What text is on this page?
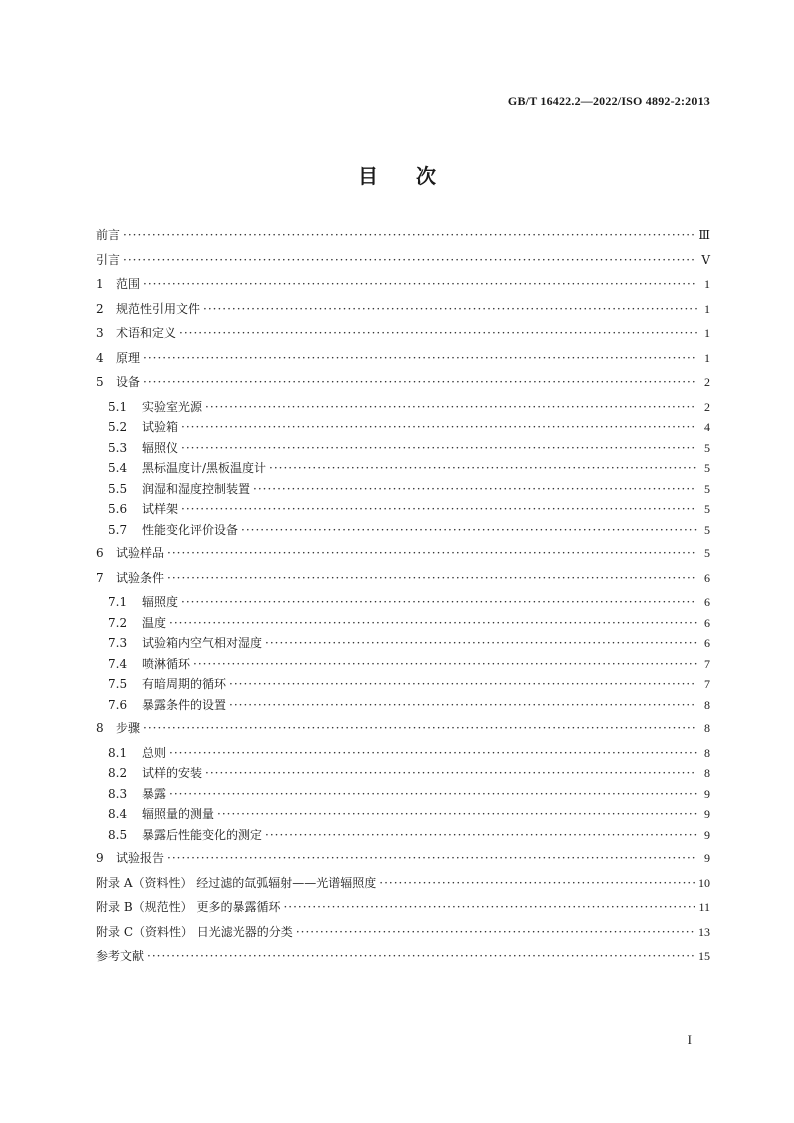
GB/T 16422.2—2022/ISO 4892-2:2013
目次
前言 ·····	Ⅲ
引言 ·····	Ⅴ
1	范围 ·····	1
2	规范性引用文件 ·····	1
3	术语和定义 ·····	1
4	原理 ·····	1
5	设备 ·····	2
5.1	实验室光源 ·····	2
5.2	试验箱 ·····	4
5.3	辐照仪 ·····	5
5.4	黑标温度计/黑板温度计 ·····	5
5.5	润湿和湿度控制装置 ·····	5
5.6	试样架 ·····	5
5.7	性能变化评价设备 ·····	5
6	试验样品 ·····	5
7	试验条件 ·····	6
7.1	辐照度 ·····	6
7.2	温度 ·····	6
7.3	试验箱内空气相对湿度 ·····	6
7.4	喷淋循环 ·····	7
7.5	有暗周期的循环 ·····	7
7.6	暴露条件的设置 ·····	8
8	步骤 ·····	8
8.1	总则 ·····	8
8.2	试样的安装 ·····	8
8.3	暴露 ·····	9
8.4	辐照量的测量 ·····	9
8.5	暴露后性能变化的测定 ·····	9
9	试验报告 ·····	9
附录 A（资料性） 经过滤的氙弧辐射——光谱辐照度 ·····	10
附录 B（规范性） 更多的暴露循环 ·····	11
附录 C（资料性） 日光滤光器的分类 ·····	13
参考文献 ·····	15
I
